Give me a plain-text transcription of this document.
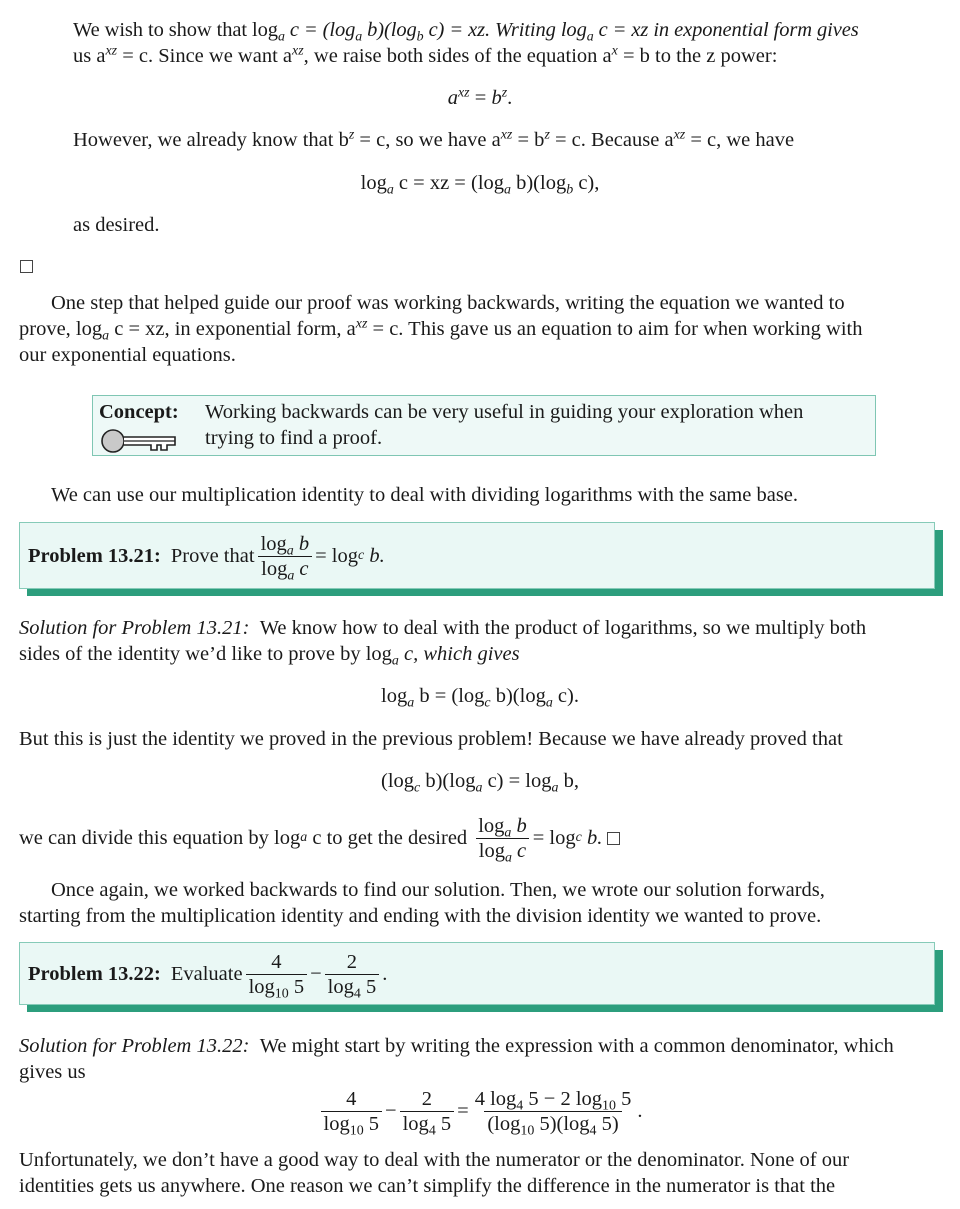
We wish to show that $\log_a c = (\log_a$ $b)(\log_b$ c) = xz. Writing $\log_a c$ = xz in exponential form gives
us $a^{xz} = c$. Since we want $a^{xz}$, we raise both sides of the equation $a^x = b$ to the z power:
$a^{xz} = b^z$.
However, we already know that $b^z = c$, so we have $a^{xz} = b^z = c$. Because $a^{xz} = c$, we have
$\log_a c$ = xz = ($\log_a$ $b)(\log_b$ c),
as desired.
One step that helped guide our proof was working backwards, writing the equation we wanted to
prove, $\log_a c$ = xz, in exponential form, $a^{xz} = c$. This gave us an equation to aim for when working with
our exponential equations.
Concept: Working backwards can be very useful in guiding your exploration when
trying to find a proof.
We can use our multiplication identity to deal with dividing logarithms with the same base.
Problem 13.21: Prove that $\frac{\log_a b}{\log_a c} = \log c$
b.
Solution for Problem 13.21: We know how to deal with the product of logarithms, so we multiply both
sides of the identity we’d like to prove by $\log_a c$, which gives
$\log_a b = (\log_c$ $b)(\log_a$ c).
But this is just the identity we proved in the previous problem! Because we have already proved that
($\log_c$ $b)(\log_a$ $c) = \log_a b$,
we can divide this equation by log a
c to get the desired $\frac{\log_a b}{\log_a c} = \log c$
b.

Once again, we worked backwards to find our solution. Then, we wrote our solution forwards,
starting from the multiplication identity and ending with the division identity we wanted to prove.
Problem 13.22: Evaluate $\frac{4}{\log_{10} 5} - \frac{2}{\log_4 5}$ .
Solution for Problem 13.22: We might start by writing the expression with a common denominator, which
gives us
$\frac{4}{\log_{10} 5} - \frac{2}{\log_4 5} = \frac{4 \log_4 5 - 2 \log_{10} 5}{(\log_{10} 5)(\log_4 5)}$ .
Unfortunately, we don’t have a good way to deal with the numerator or the denominator. None of our
identities gets us anywhere. One reason we can’t simplify the difference in the numerator is that the
